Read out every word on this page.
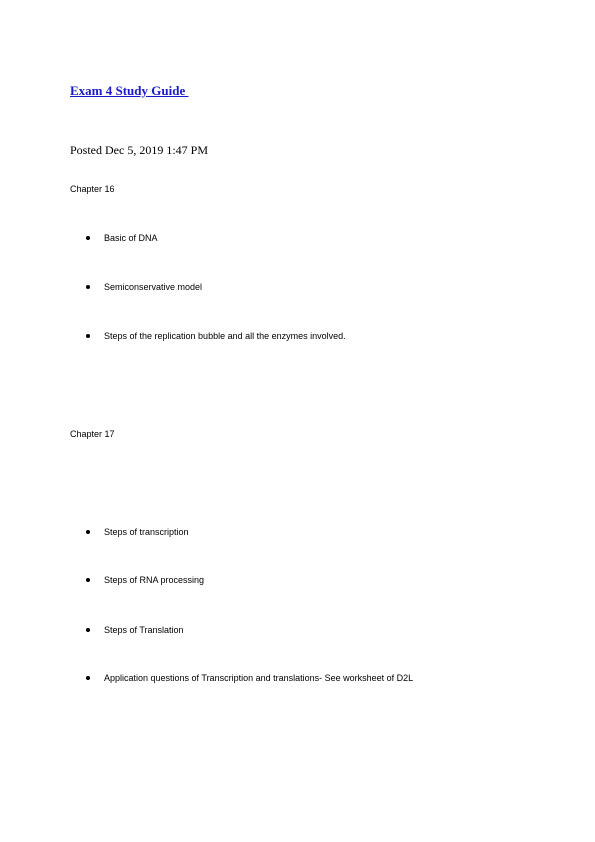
Exam 4 Study Guide
Posted Dec 5, 2019 1:47 PM
Chapter 16
Basic of DNA
Semiconservative model
Steps of the replication bubble and all the enzymes involved.
Chapter 17
Steps of transcription
Steps of RNA processing
Steps of Translation
Application questions of Transcription and translations- See worksheet of D2L
